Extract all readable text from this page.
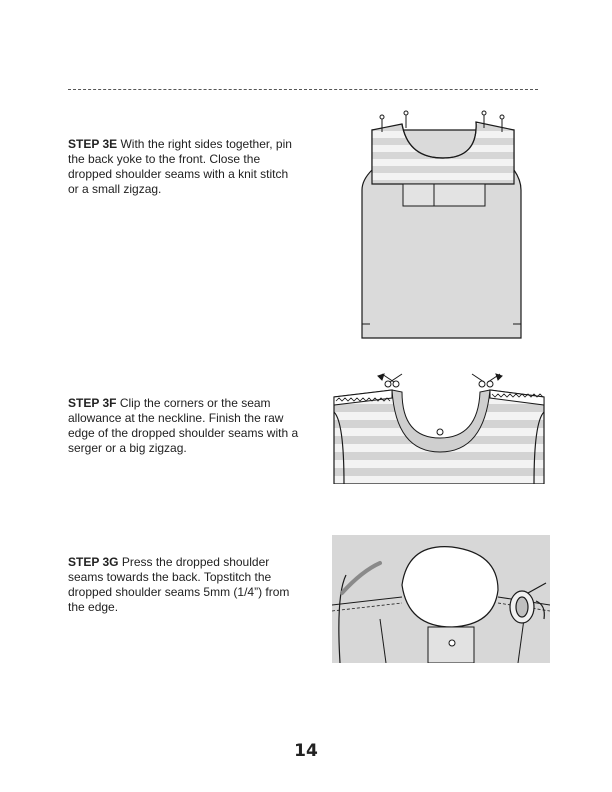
STEP 3E With the right sides together, pin the back yoke to the front. Close the dropped shoulder seams with a knit stitch or a small zigzag.
STEP 3F Clip the corners or the seam allowance at the neckline. Finish the raw edge of the dropped shoulder seams with a serger or a big zigzag.
STEP 3G Press the dropped shoulder seams towards the back. Topstitch the dropped shoulder seams 5mm (1/4”) from the edge.
14
